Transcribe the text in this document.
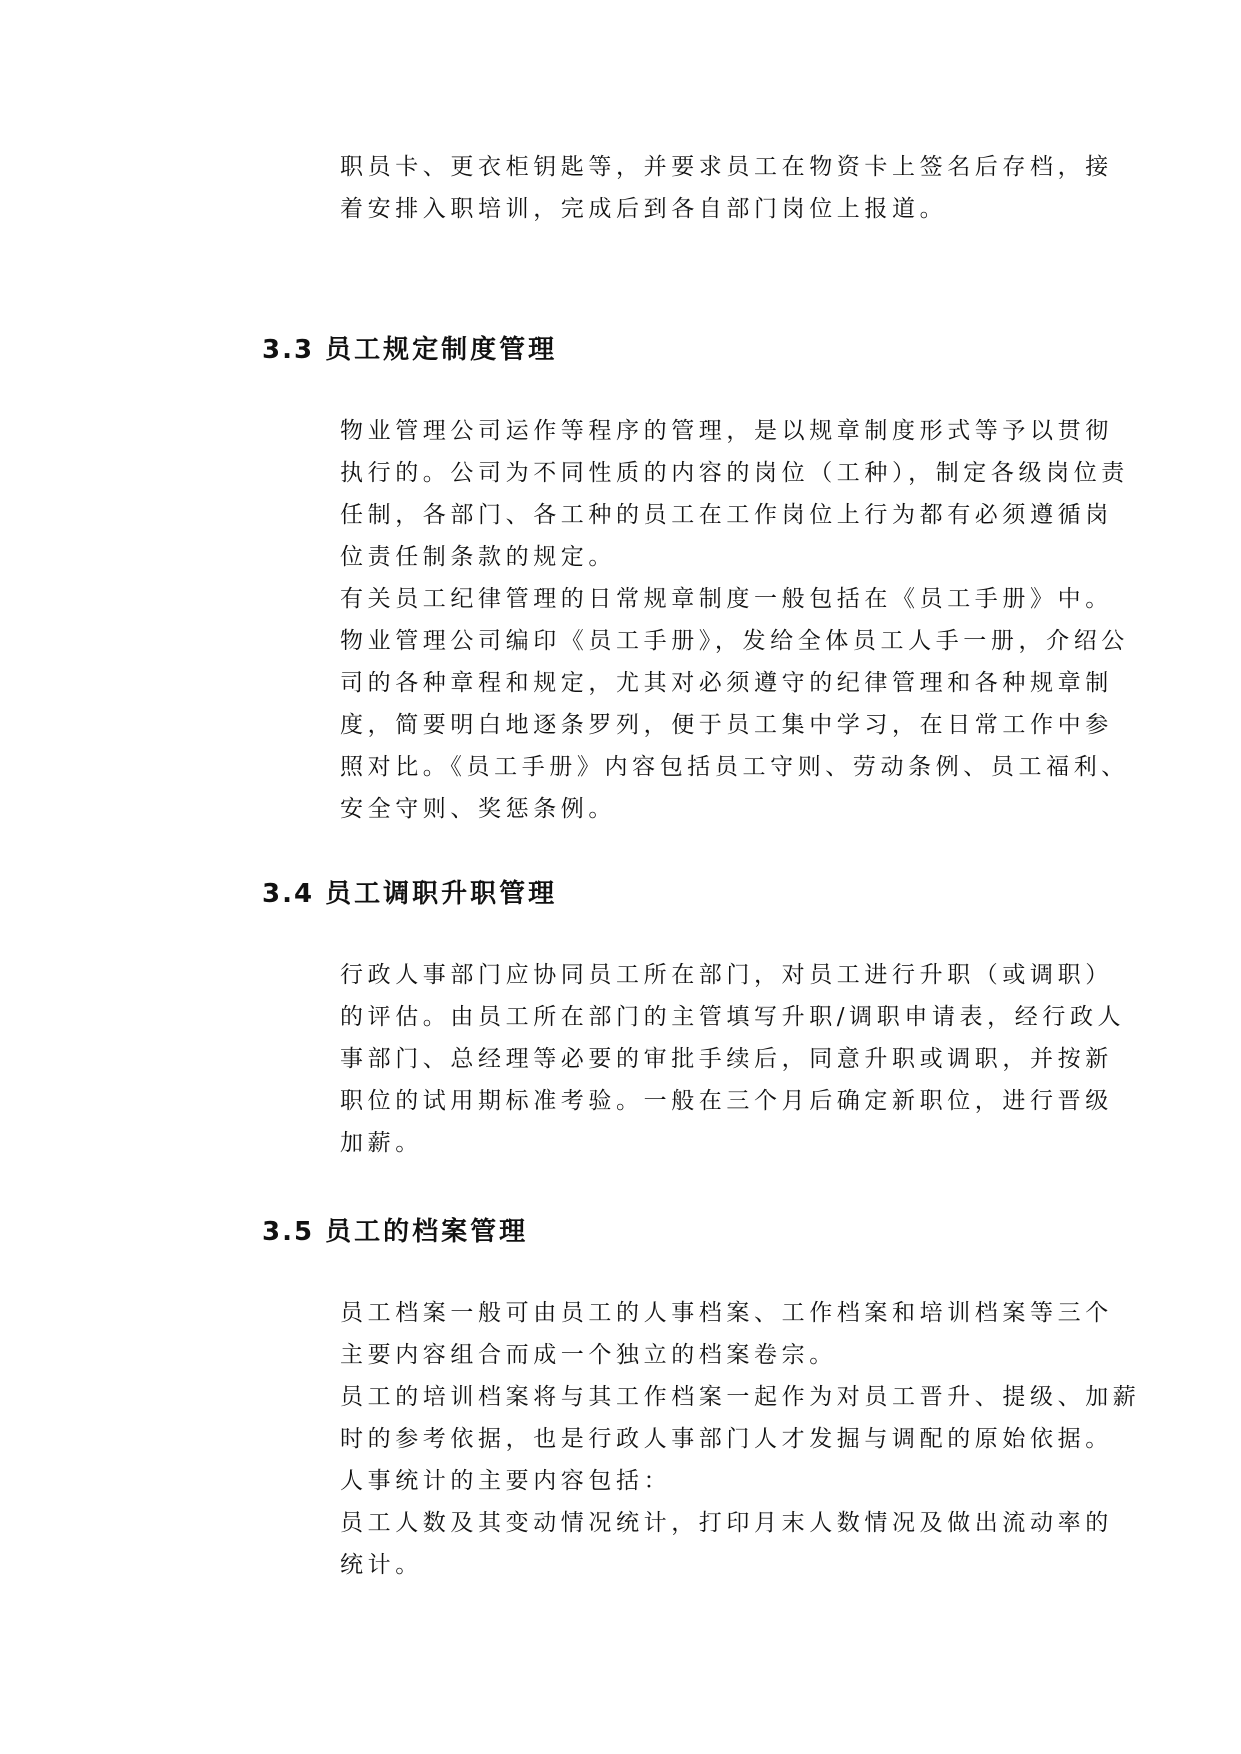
职员卡、更衣柜钥匙等，并要求员工在物资卡上签名后存档，接
着安排入职培训，完成后到各自部门岗位上报道。
3.3 员工规定制度管理
物业管理公司运作等程序的管理，是以规章制度形式等予以贯彻
执行的。公司为不同性质的内容的岗位（工种），制定各级岗位责
任制，各部门、各工种的员工在工作岗位上行为都有必须遵循岗
位责任制条款的规定。
有关员工纪律管理的日常规章制度一般包括在《员工手册》中。
物业管理公司编印《员工手册》，发给全体员工人手一册，介绍公
司的各种章程和规定，尤其对必须遵守的纪律管理和各种规章制
度，简要明白地逐条罗列，便于员工集中学习，在日常工作中参
照对比。《员工手册》内容包括员工守则、劳动条例、员工福利、
安全守则、奖惩条例。
3.4 员工调职升职管理
行政人事部门应协同员工所在部门，对员工进行升职（或调职）
的评估。由员工所在部门的主管填写升职/调职申请表，经行政人
事部门、总经理等必要的审批手续后，同意升职或调职，并按新
职位的试用期标准考验。一般在三个月后确定新职位，进行晋级
加薪。
3.5 员工的档案管理
员工档案一般可由员工的人事档案、工作档案和培训档案等三个
主要内容组合而成一个独立的档案卷宗。
员工的培训档案将与其工作档案一起作为对员工晋升、提级、加薪
时的参考依据，也是行政人事部门人才发掘与调配的原始依据。
人事统计的主要内容包括：
员工人数及其变动情况统计，打印月末人数情况及做出流动率的
统计。
